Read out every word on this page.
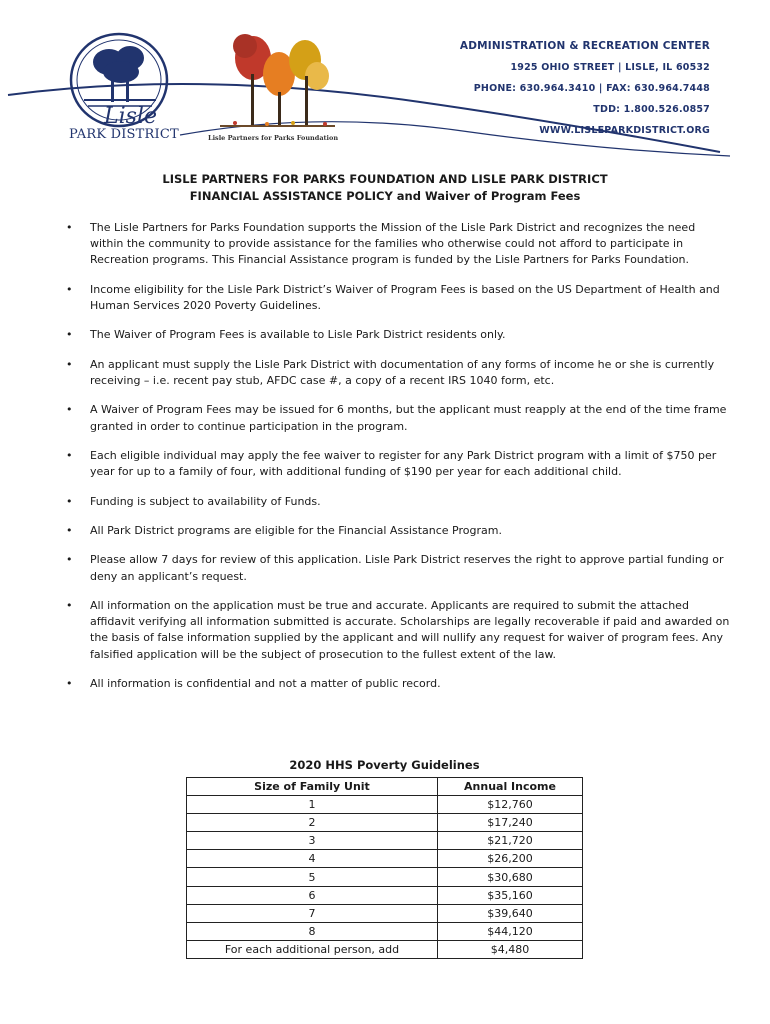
Lisle
PARK DISTRICT	Lisle Partners for Parks Foundation
ADMINISTRATION & RECREATION CENTER
1925 OHIO STREET | LISLE, IL 60532
PHONE: 630.964.3410 | FAX: 630.964.7448
TDD: 1.800.526.0857
WWW.LISLEPARKDISTRICT.ORG
LISLE PARTNERS FOR PARKS FOUNDATION AND LISLE PARK DISTRICT
FINANCIAL ASSISTANCE POLICY and Waiver of Program Fees
• The Lisle Partners for Parks Foundation supports the Mission of the Lisle Park District and recognizes the need within the community to provide assistance for the families who otherwise could not afford to participate in Recreation programs. This Financial Assistance program is funded by the Lisle Partners for Parks Foundation.
• Income eligibility for the Lisle Park District’s Waiver of Program Fees is based on the US Department of Health and Human Services 2020 Poverty Guidelines.
• The Waiver of Program Fees is available to Lisle Park District residents only.
• An applicant must supply the Lisle Park District with documentation of any forms of income he or she is currently receiving – i.e. recent pay stub, AFDC case #, a copy of a recent IRS 1040 form, etc.
• A Waiver of Program Fees may be issued for 6 months, but the applicant must reapply at the end of the time frame granted in order to continue participation in the program.
• Each eligible individual may apply the fee waiver to register for any Park District program with a limit of $750 per year for up to a family of four, with additional funding of $190 per year for each additional child.
• Funding is subject to availability of Funds.
• All Park District programs are eligible for the Financial Assistance Program.
• Please allow 7 days for review of this application. Lisle Park District reserves the right to approve partial funding or deny an applicant’s request.
• All information on the application must be true and accurate. Applicants are required to submit the attached affidavit verifying all information submitted is accurate. Scholarships are legally recoverable if paid and awarded on the basis of false information supplied by the applicant and will nullify any request for waiver of program fees. Any falsified application will be the subject of prosecution to the fullest extent of the law.
• All information is confidential and not a matter of public record.
2020 HHS Poverty Guidelines
Size of Family Unit	Annual Income
1	$12,760
2	$17,240
3	$21,720
4	$26,200
5	$30,680
6	$35,160
7	$39,640
8	$44,120
For each additional person, add	$4,480
